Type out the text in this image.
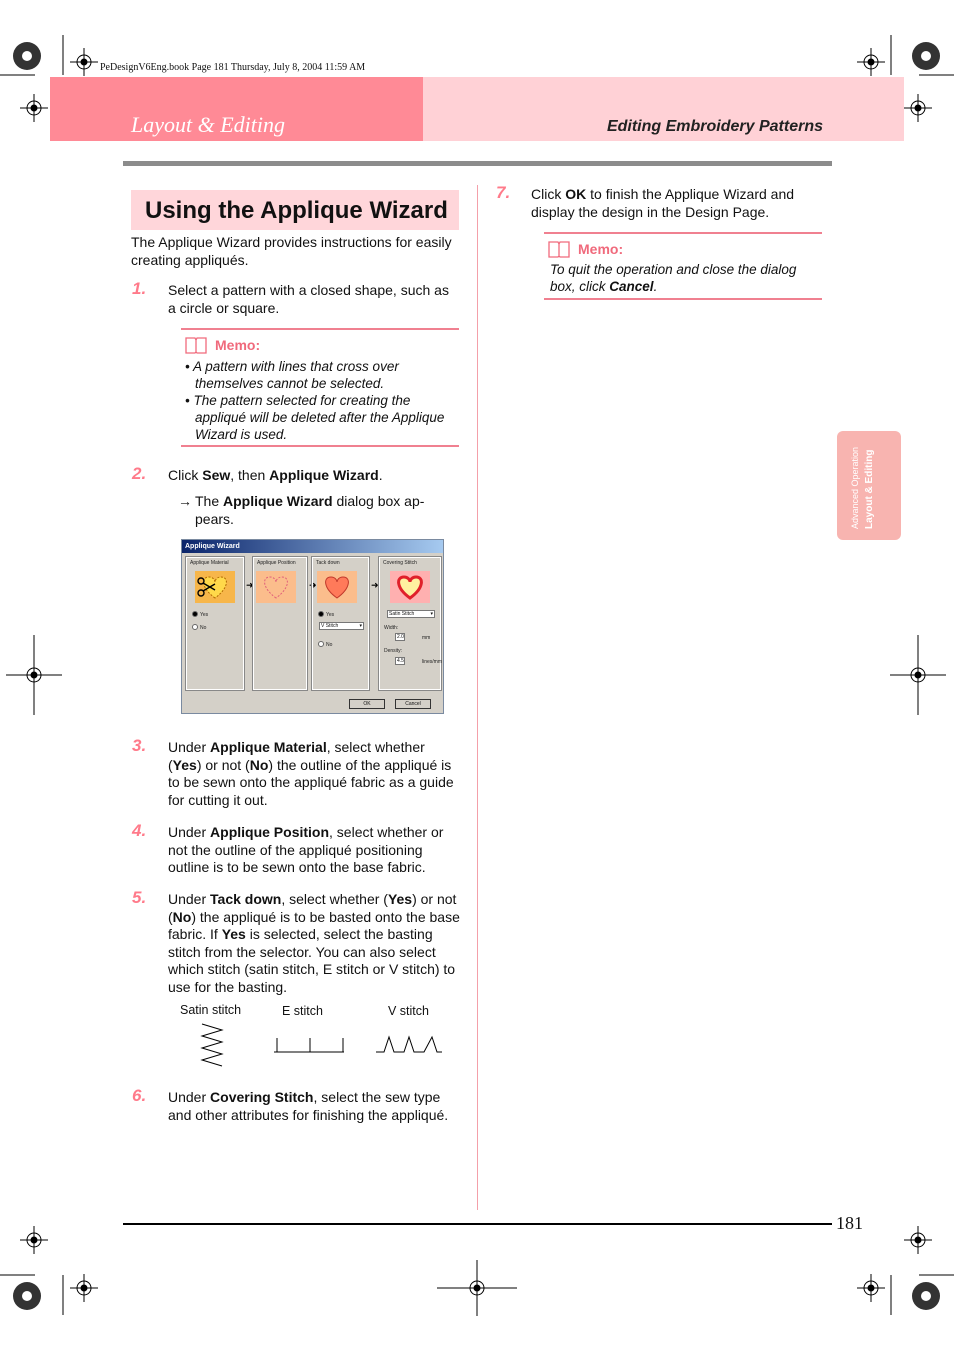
PeDesignV6Eng.book Page 181 Thursday, July 8, 2004 11:59 AM
Layout & Editing	Editing Embroidery Patterns
Using the Applique Wizard
The Applique Wizard provides instructions for easily creating appliqués.
1. Select a pattern with a closed shape, such as a circle or square.
Memo:
• A pattern with lines that cross over themselves cannot be selected.
• The pattern selected for creating the appliqué will be deleted after the Applique Wizard is used.
2. Click Sew, then Applique Wizard.
→ The Applique Wizard dialog box ap-pears.
Applique Wizard
Applique Material
Yes
No
➜
Applique Position
➜
Tack down
Yes
V Stitch	▾
No
➜
Covering Stitch
Satin Stitch	▾
Width:
2.0	mm
Density:
4.5	lines/mm
OK	Cancel
3. Under Applique Material, select whether (Yes) or not (No) the outline of the appliqué is to be sewn onto the appliqué fabric as a guide for cutting it out.
4. Under Applique Position, select whether or not the outline of the appliqué positioning outline is to be sewn onto the base fabric.
5. Under Tack down, select whether (Yes) or not (No) the appliqué is to be basted onto the base fabric. If Yes is selected, select the basting stitch from the selector. You can also select which stitch (satin stitch, E stitch or V stitch) to use for the basting.
Satin stitch	E stitch	V stitch
6. Under Covering Stitch, select the sew type and other attributes for finishing the appliqué.
7. Click OK to finish the Applique Wizard and display the design in the Design Page.
Memo:
To quit the operation and close the dialog box, click Cancel.
Advanced Operation Layout & Editing
181
